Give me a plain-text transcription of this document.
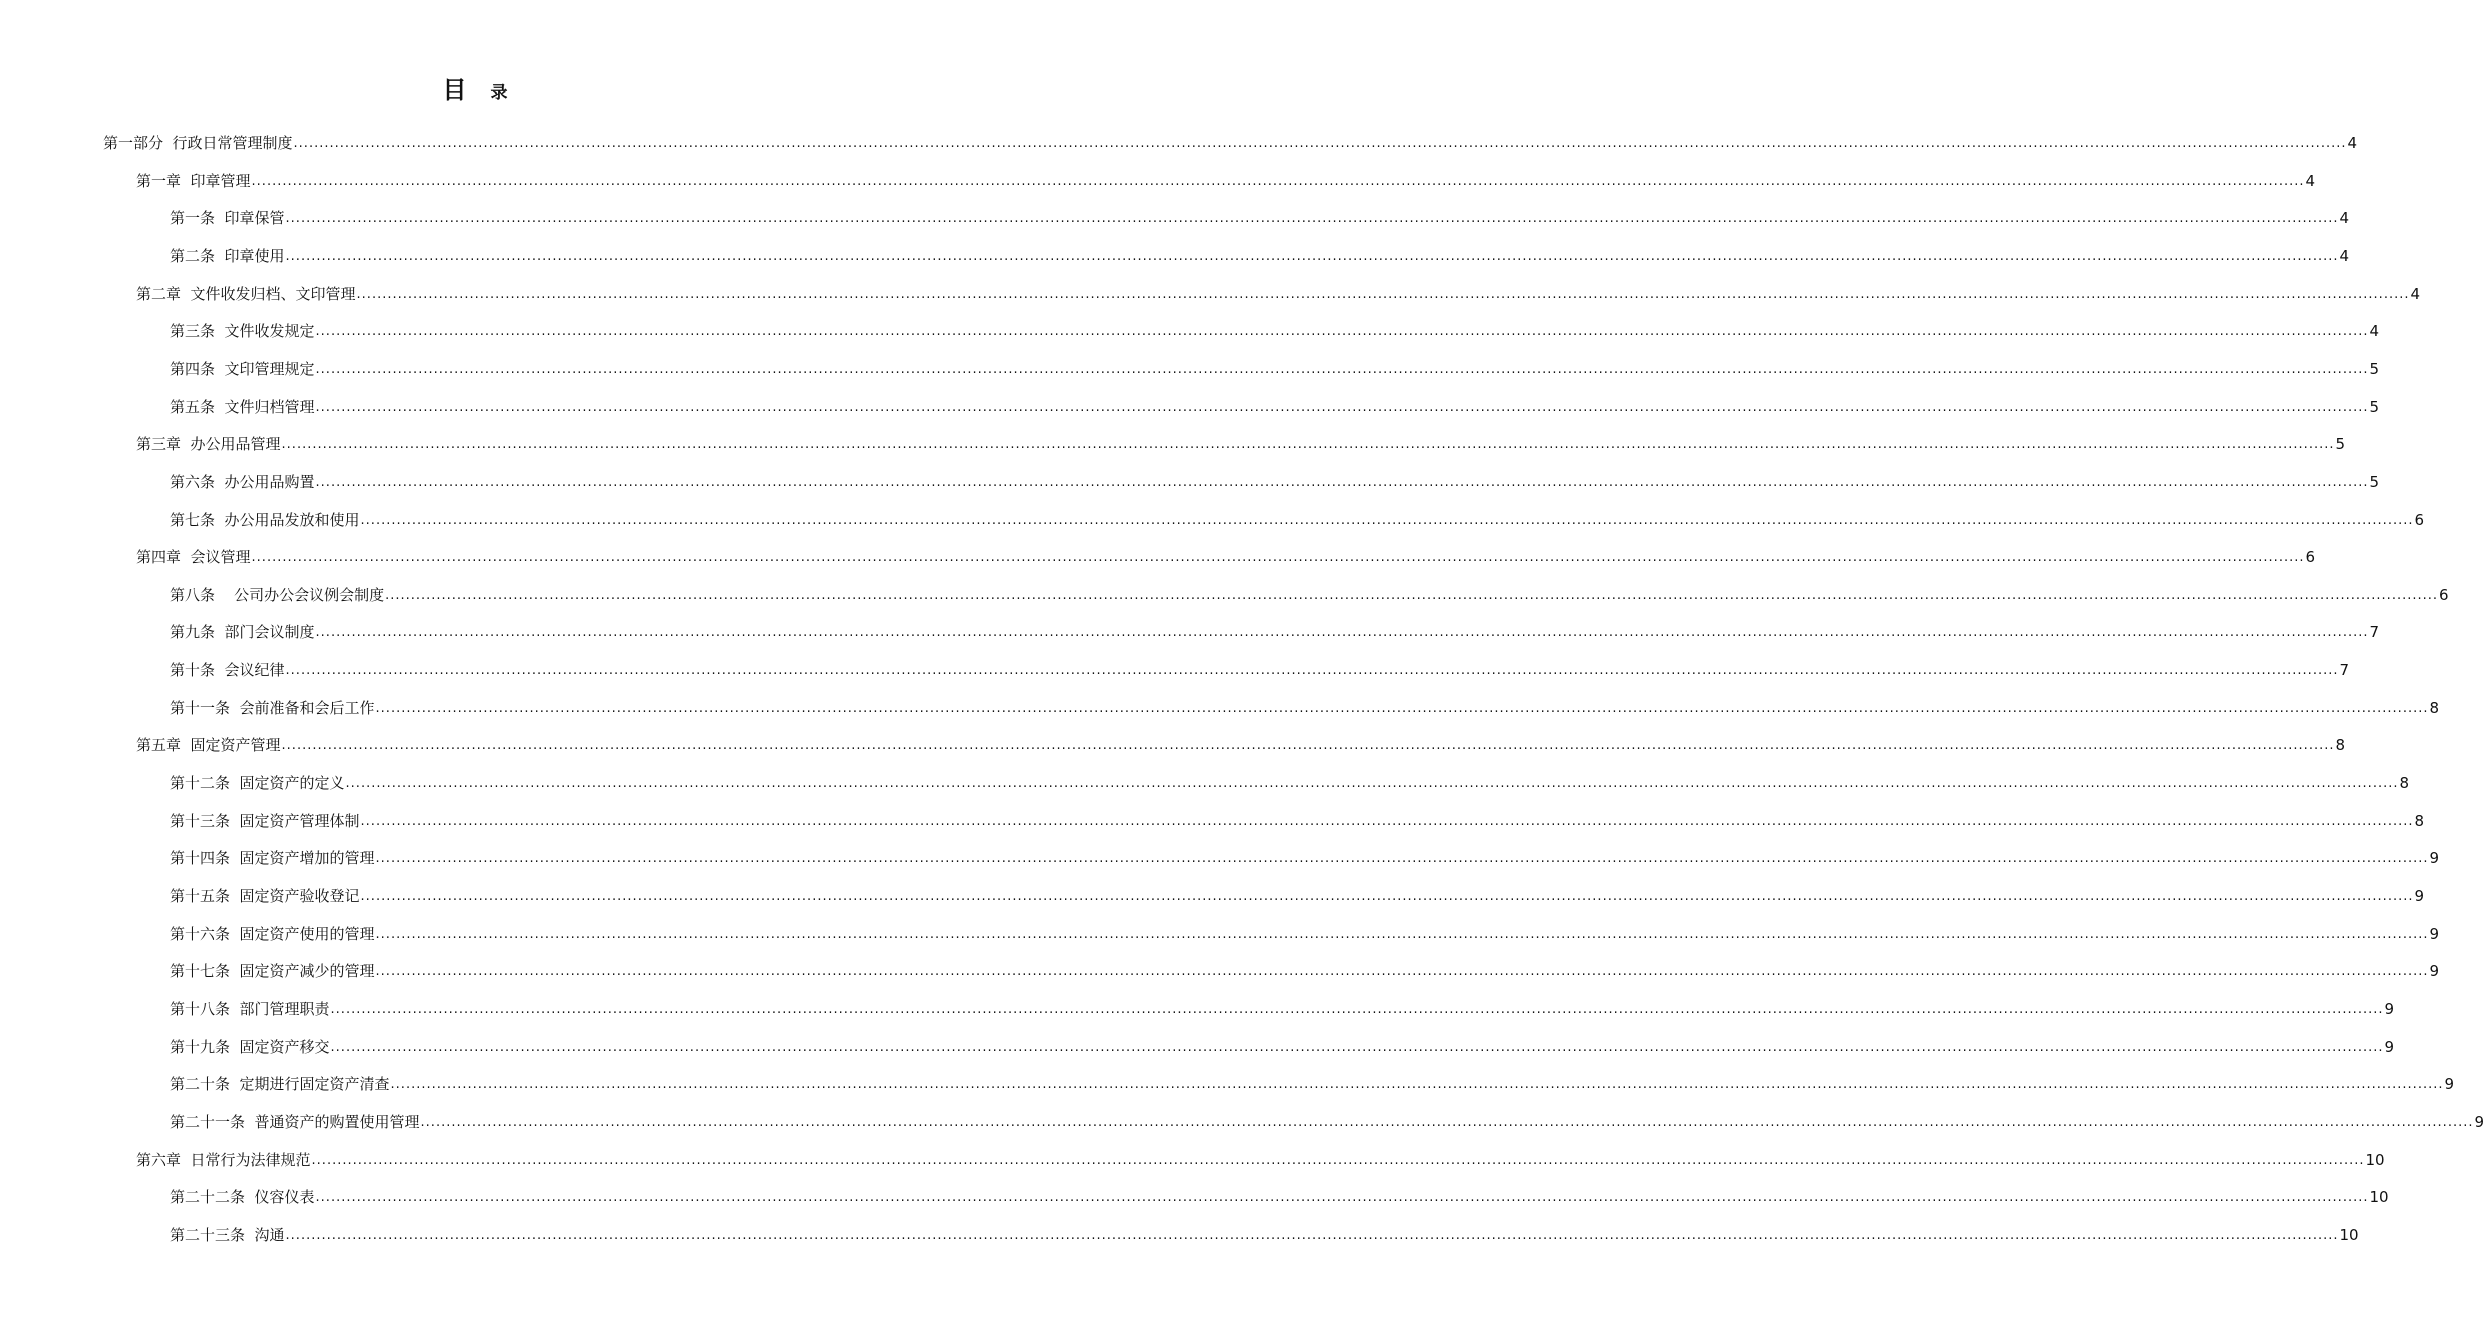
目 录
第一部分  行政日常管理制度 ................................................................................................................................................................................................................................................................................................................................................................................................................ 4
第一章  印章管理 ................................................................................................................................................................................................................................................................................................................................................................................................................ 4
第一条  印章保管 ................................................................................................................................................................................................................................................................................................................................................................................................................ 4
第二条  印章使用 ................................................................................................................................................................................................................................................................................................................................................................................................................ 4
第二章  文件收发归档、文印管理 ................................................................................................................................................................................................................................................................................................................................................................................................................ 4
第三条  文件收发规定 ................................................................................................................................................................................................................................................................................................................................................................................................................ 4
第四条  文印管理规定 ................................................................................................................................................................................................................................................................................................................................................................................................................ 5
第五条  文件归档管理 ................................................................................................................................................................................................................................................................................................................................................................................................................ 5
第三章  办公用品管理 ................................................................................................................................................................................................................................................................................................................................................................................................................ 5
第六条  办公用品购置 ................................................................................................................................................................................................................................................................................................................................................................................................................ 5
第七条  办公用品发放和使用 ................................................................................................................................................................................................................................................................................................................................................................................................................ 6
第四章  会议管理 ................................................................................................................................................................................................................................................................................................................................................................................................................ 6
第八条    公司办公会议例会制度 ................................................................................................................................................................................................................................................................................................................................................................................................................ 6
第九条  部门会议制度 ................................................................................................................................................................................................................................................................................................................................................................................................................ 7
第十条  会议纪律 ................................................................................................................................................................................................................................................................................................................................................................................................................ 7
第十一条  会前准备和会后工作 ................................................................................................................................................................................................................................................................................................................................................................................................................ 8
第五章  固定资产管理 ................................................................................................................................................................................................................................................................................................................................................................................................................ 8
第十二条  固定资产的定义 ................................................................................................................................................................................................................................................................................................................................................................................................................ 8
第十三条  固定资产管理体制 ................................................................................................................................................................................................................................................................................................................................................................................................................ 8
第十四条  固定资产增加的管理 ................................................................................................................................................................................................................................................................................................................................................................................................................ 9
第十五条  固定资产验收登记 ................................................................................................................................................................................................................................................................................................................................................................................................................ 9
第十六条  固定资产使用的管理 ................................................................................................................................................................................................................................................................................................................................................................................................................ 9
第十七条  固定资产减少的管理 ................................................................................................................................................................................................................................................................................................................................................................................................................ 9
第十八条  部门管理职责 ................................................................................................................................................................................................................................................................................................................................................................................................................ 9
第十九条  固定资产移交 ................................................................................................................................................................................................................................................................................................................................................................................................................ 9
第二十条  定期进行固定资产清查 ................................................................................................................................................................................................................................................................................................................................................................................................................ 9
第二十一条  普通资产的购置使用管理 ................................................................................................................................................................................................................................................................................................................................................................................................................ 9
第六章  日常行为法律规范 ................................................................................................................................................................................................................................................................................................................................................................................................................ 10
第二十二条  仪容仪表 ................................................................................................................................................................................................................................................................................................................................................................................................................ 10
第二十三条  沟通 ................................................................................................................................................................................................................................................................................................................................................................................................................ 10
